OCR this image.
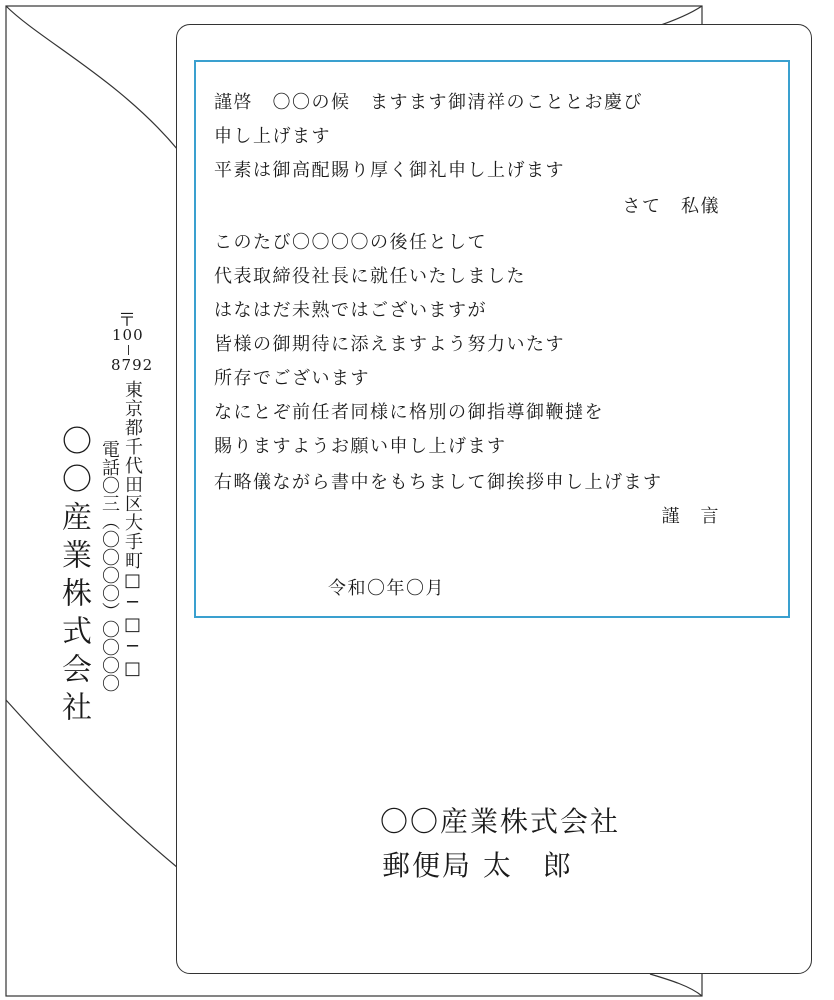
〒
100
8792
東京都千代田区大手町□─□─□
電話〇三（〇〇〇〇）〇〇〇〇
〇〇産業株式会社
謹啓　〇〇の候　ますます御清祥のこととお慶び
申し上げます
平素は御高配賜り厚く御礼申し上げます
さて　私儀
このたび〇〇〇〇の後任として
代表取締役社長に就任いたしました
はなはだ未熟ではございますが
皆様の御期待に添えますよう努力いたす
所存でございます
なにとぞ前任者同様に格別の御指導御鞭撻を
賜りますようお願い申し上げます
右略儀ながら書中をもちまして御挨拶申し上げます
謹　言
令和〇年〇月
〇〇産業株式会社
郵便局 太　郎
